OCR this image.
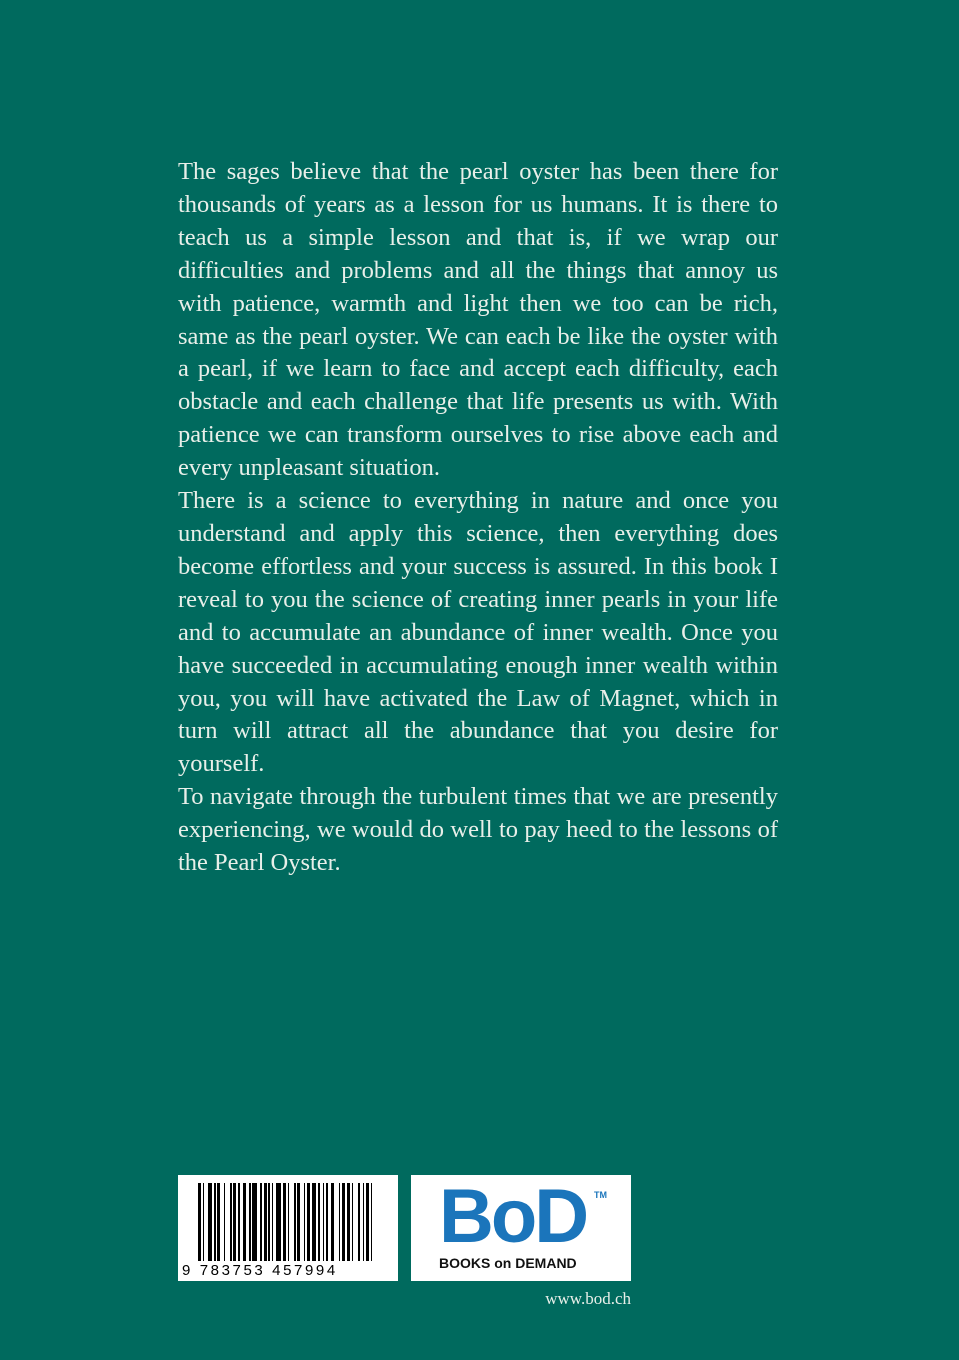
The sages believe that the pearl oyster has been there for thousands of years as a lesson for us humans. It is there to teach us a simple lesson and that is, if we wrap our difficulties and problems and all the things that annoy us with patience, warmth and light then we too can be rich, same as the pearl oyster. We can each be like the oyster with a pearl, if we learn to face and accept each difficulty, each obstacle and each challenge that life presents us with. With patience we can transform ourselves to rise above each and every unpleasant situation.

There is a science to everything in nature and once you understand and apply this science, then everything does become effortless and your success is assured. In this book I reveal to you the science of creating inner pearls in your life and to accumulate an abundance of inner wealth. Once you have succeeded in accumulating enough inner wealth within you, you will have activated the Law of Magnet, which in turn will attract all the abundance that you desire for yourself.

To navigate through the turbulent times that we are presently experiencing, we would do well to pay heed to the lessons of the Pearl Oyster.

9 783753 457994
BoD TM
BOOKS on DEMAND
www.bod.ch
